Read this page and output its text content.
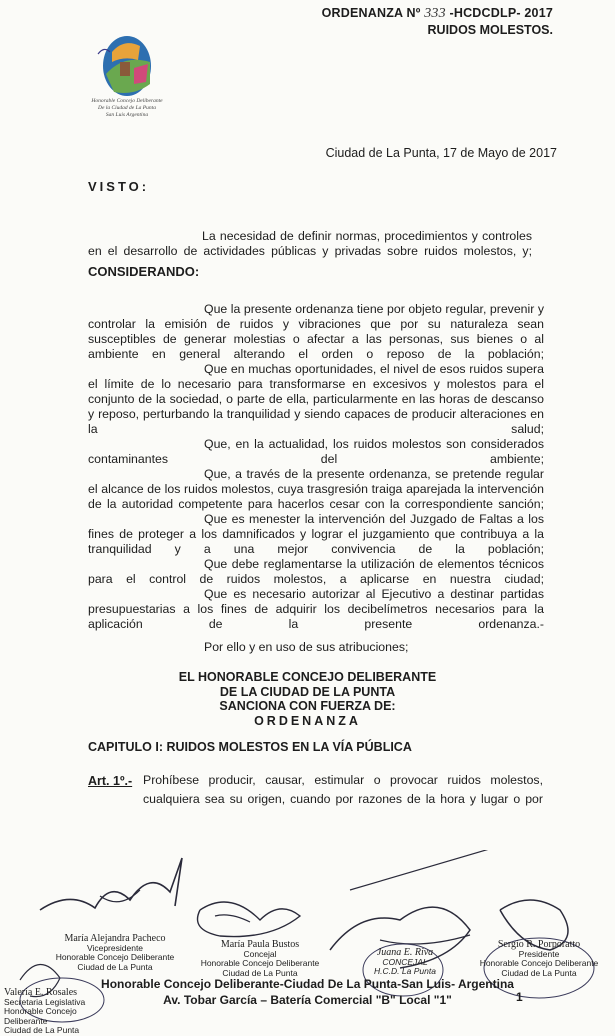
ORDENANZA Nº 333 -HCDCDLP- 2017
RUIDOS MOLESTOS.
Honorable Concejo Deliberante
De la Ciudad de La Punta
San Luis Argentina
Ciudad de La Punta, 17 de Mayo de 2017
VISTO:
La necesidad de definir normas, procedimientos y controles en el desarrollo de actividades públicas y privadas sobre ruidos molestos, y;
CONSIDERANDO:
Que la presente ordenanza tiene por objeto regular, prevenir y controlar la emisión de ruidos y vibraciones que por su naturaleza sean susceptibles de generar molestias o afectar a las personas, sus bienes o al ambiente en general alterando el orden o reposo de la población;
Que en muchas oportunidades, el nivel de esos ruidos supera el límite de lo necesario para transformarse en excesivos y molestos para el conjunto de la sociedad, o parte de ella, particularmente en las horas de descanso y reposo, perturbando la tranquilidad y siendo capaces de producir alteraciones en la salud;
Que, en la actualidad, los ruidos molestos son considerados contaminantes del ambiente;
Que, a través de la presente ordenanza, se pretende regular el alcance de los ruidos molestos, cuya trasgresión traiga aparejada la intervención de la autoridad competente para hacerlos cesar con la correspondiente sanción;
Que es menester la intervención del Juzgado de Faltas a los fines de proteger a los damnificados y lograr el juzgamiento que contribuya a la tranquilidad y a una mejor convivencia de la población;
Que debe reglamentarse la utilización de elementos técnicos para el control de ruidos molestos, a aplicarse en nuestra ciudad;
Que es necesario autorizar al Ejecutivo a destinar partidas presupuestarias a los fines de adquirir los decibelímetros necesarios para la aplicación de la presente ordenanza.-
Por ello y en uso de sus atribuciones;
EL HONORABLE CONCEJO DELIBERANTE
DE LA CIUDAD DE LA PUNTA
SANCIONA CON FUERZA DE:
ORDENANZA
CAPITULO I: RUIDOS MOLESTOS EN LA VÍA PÚBLICA
Art. 1º.- Prohíbese producir, causar, estimular o provocar ruidos molestos,
cualquiera sea su origen, cuando por razones de la hora y lugar o por
María Alejandra Pacheco
Vicepresidente
Honorable Concejo Deliberante
Ciudad de La Punta
María Paula Bustos
Concejal
Honorable Concejo Deliberante
Ciudad de La Punta
Juana E. Riva
CONCEJAL
H.C.D. La Punta
Sergio R. Porporatto
Presidente
Honorable Concejo Deliberante
Ciudad de La Punta
Valeria E. Rosales
Secretaria Legislativa
Honorable Concejo Deliberante
Ciudad de La Punta
Honorable Concejo Deliberante-Ciudad De La Punta-San Luis- Argentina
Av. Tobar García – Batería Comercial "B" Local "1"	1
